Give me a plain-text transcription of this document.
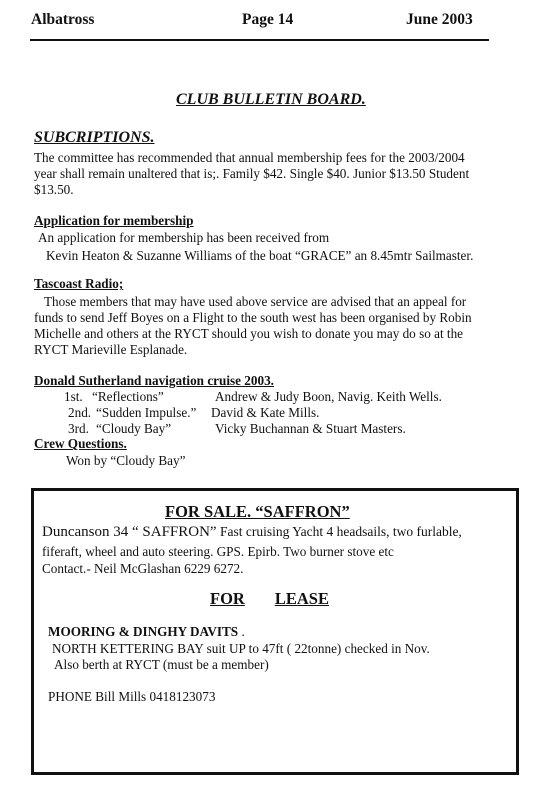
Albatross	Page 14	June 2003
CLUB BULLETIN BOARD.
SUBCRIPTIONS.
The committee has recommended that annual membership fees for the 2003/2004
year shall remain unaltered that is;. Family $42. Single $40. Junior $13.50 Student
$13.50.
Application for membership
An application for membership has been received from
Kevin Heaton & Suzanne Williams of the boat “GRACE” an 8.45mtr Sailmaster.
Tascoast Radio;
Those members that may have used above service are advised that an appeal for
funds to send Jeff Boyes on a Flight to the south west has been organised by Robin
Michelle and others at the RYCT should you wish to donate you may do so at the
RYCT Marieville Esplanade.
Donald Sutherland navigation cruise 2003.
1st. “Reflections”	Andrew & Judy Boon, Navig. Keith Wells.
2nd. “Sudden Impulse.” David & Kate Mills.
3rd. “Cloudy Bay”	Vicky Buchannan & Stuart Masters.
Crew Questions.
Won by “Cloudy Bay”
FOR SALE. “SAFFRON”
Duncanson 34 “ SAFFRON” Fast cruising Yacht 4 headsails, two furlable,
fiferaft, wheel and auto steering. GPS. Epirb. Two burner stove etc
Contact.- Neil McGlashan 6229 6272.
FOR LEASE
MOORING & DINGHY DAVITS .
NORTH KETTERING BAY suit UP to 47ft ( 22tonne) checked in Nov.
Also berth at RYCT (must be a member)
PHONE Bill Mills 0418123073
